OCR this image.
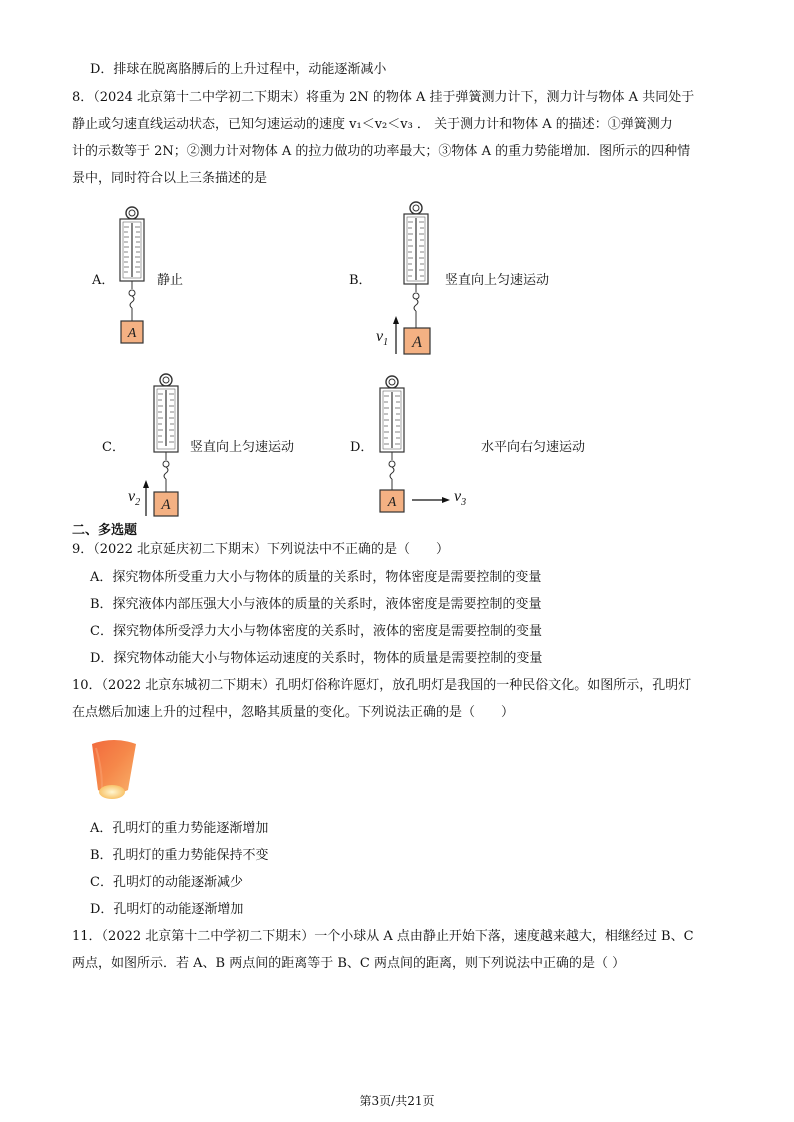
D．排球在脱离胳膊后的上升过程中，动能逐渐减小
8．（2024 北京第十二中学初二下期末）将重为 2N 的物体 A 挂于弹簧测力计下，测力计与物体 A 共同处于
静止或匀速直线运动状态，已知匀速运动的速度 v₁＜v₂＜v₃ ． 关于测力计和物体 A 的描述：①弹簧测力
计的示数等于 2N；②测力计对物体 A 的拉力做功的功率最大；③物体 A 的重力势能增加．图所示的四种情
景中，同时符合以上三条描述的是
A．	静止
A
B．	竖直向上匀速运动
A
$v_1$
C．	竖直向上匀速运动
A
$v_2$
D．	水平向右匀速运动
A	$v_3$
二、多选题
9．（2022 北京延庆初二下期末）下列说法中不正确的是（　　）
A．探究物体所受重力大小与物体的质量的关系时，物体密度是需要控制的变量
B．探究液体内部压强大小与液体的质量的关系时，液体密度是需要控制的变量
C．探究物体所受浮力大小与物体密度的关系时，液体的密度是需要控制的变量
D．探究物体动能大小与物体运动速度的关系时，物体的质量是需要控制的变量
10．（2022 北京东城初二下期末）孔明灯俗称许愿灯，放孔明灯是我国的一种民俗文化。如图所示，孔明灯
在点燃后加速上升的过程中，忽略其质量的变化。下列说法正确的是（　　）
A．孔明灯的重力势能逐渐增加
B．孔明灯的重力势能保持不变
C．孔明灯的动能逐渐减少
D．孔明灯的动能逐渐增加
11．（2022 北京第十二中学初二下期末）一个小球从 A 点由静止开始下落，速度越来越大，相继经过 B、C
两点，如图所示．若 A、B 两点间的距离等于 B、C 两点间的距离，则下列说法中正确的是（ ）
第3页/共21页
